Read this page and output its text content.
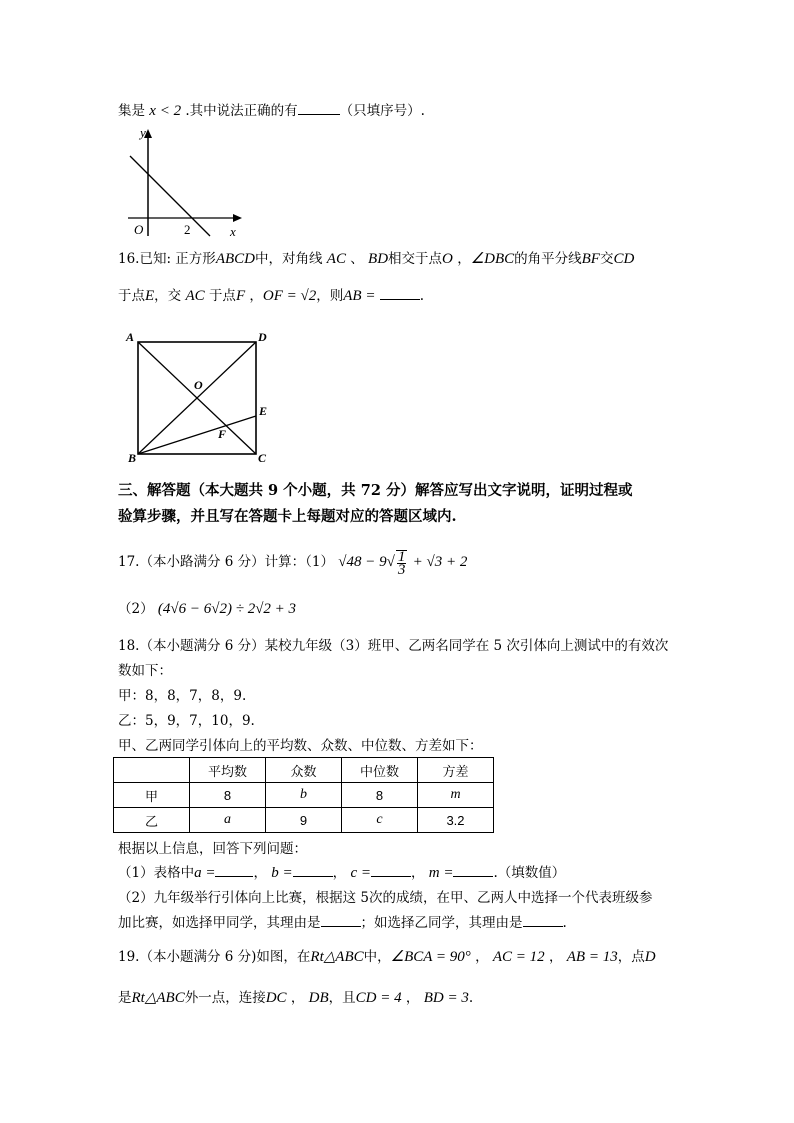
集是 x < 2 .其中说法正确的有	（只填序号）.
y
x
O	2
16.已知: 正方形ABCD中，对角线 AC 、 BD相交于点O ，∠DBC的角平分线BF交CD
于点E，交 AC 于点F ，OF = √2，则AB =	.
A	D
B	C
O
E
F
三、解答题（本大题共 9 个小题，共 72 分）解答应写出文字说明，证明过程或
验算步骤，并且写在答题卡上每题对应的答题区域内.
17.（本小路满分 6 分）计算：（1） $√48 - 9√ \frac{1}{3} + √3 + 2$
（2） (4√6 − 6√2) ÷ 2√2 + 3
18.（本小题满分 6 分）某校九年级（3）班甲、乙两名同学在 5 次引体向上测试中的有效次
数如下：
甲：8，8，7，8，9.
乙：5，9，7，10，9.
甲、乙两同学引体向上的平均数、众数、中位数、方差如下：
	平均数	众数	中位数	方差
甲	8	b	8	m
乙	a	9	c	3.2
根据以上信息，回答下列问题：
（1）表格中a =	， b =	， c =	， m =	.（填数值）
（2）九年级举行引体向上比赛，根据这 5次的成绩，在甲、乙两人中选择一个代表班级参
加比赛，如选择甲同学，其理由是	；如选择乙同学，其理由是	.
19.（本小题满分 6 分)如图，在Rt△ABC中，∠BCA = 90° ， AC = 12 ， AB = 13，点D
是Rt△ABC外一点，连接DC ， DB，且CD = 4 ， BD = 3.
